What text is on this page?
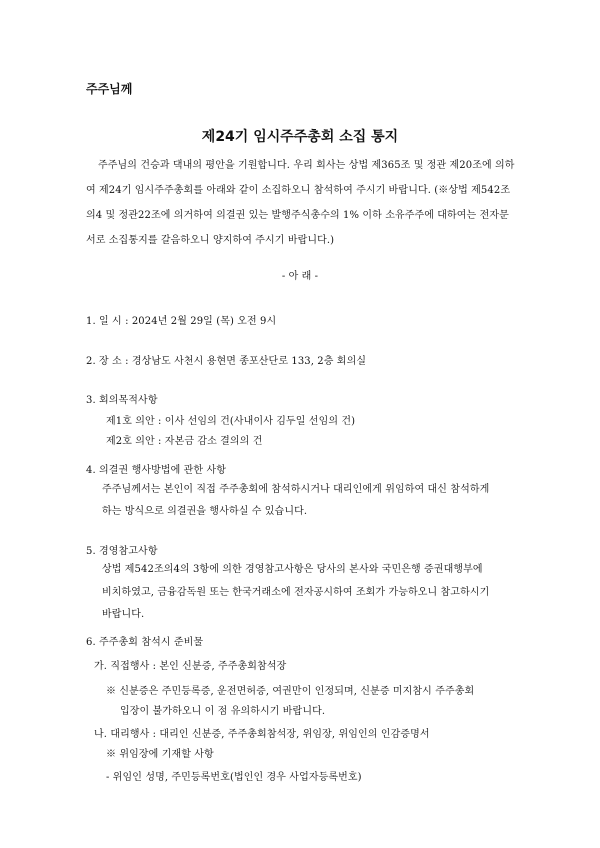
주주님께
제24기 임시주주총회 소집 통지
주주님의 건승과 댁내의 평안을 기원합니다. 우리 회사는 상법 제365조 및 정관 제20조에 의하
여 제24기 임시주주총회를 아래와 같이 소집하오니 참석하여 주시기 바랍니다. (※상법 제542조
의4 및 정관22조에 의거하여 의결권 있는 발행주식총수의 1% 이하 소유주주에 대하여는 전자문
서로 소집통지를 갈음하오니 양지하여 주시기 바랍니다.)
- 아 래 -
1. 일 시 : 2024년 2월 29일 (목) 오전 9시
2. 장 소 : 경상남도 사천시 용현면 종포산단로 133, 2층 회의실
3. 회의목적사항
제1호 의안 : 이사 선임의 건(사내이사 김두일 선임의 건)
제2호 의안 : 자본금 감소 결의의 건
4. 의결권 행사방법에 관한 사항
주주님께서는 본인이 직접 주주총회에 참석하시거나 대리인에게 위임하여 대신 참석하게
하는 방식으로 의결권을 행사하실 수 있습니다.
5. 경영참고사항
상법 제542조의4의 3항에 의한 경영참고사항은 당사의 본사와 국민은행 증권대행부에
비치하였고, 금융감독원 또는 한국거래소에 전자공시하여 조회가 가능하오니 참고하시기
바랍니다.
6. 주주총회 참석시 준비물
가. 직접행사 : 본인 신분증, 주주총회참석장
※ 신분증은 주민등록증, 운전면허증, 여권만이 인정되며, 신분증 미지참시 주주총회
입장이 불가하오니 이 점 유의하시기 바랍니다.
나. 대리행사 : 대리인 신분증, 주주총회참석장, 위임장, 위임인의 인감증명서
※ 위임장에 기재할 사항
- 위임인 성명, 주민등록번호(법인인 경우 사업자등록번호)
